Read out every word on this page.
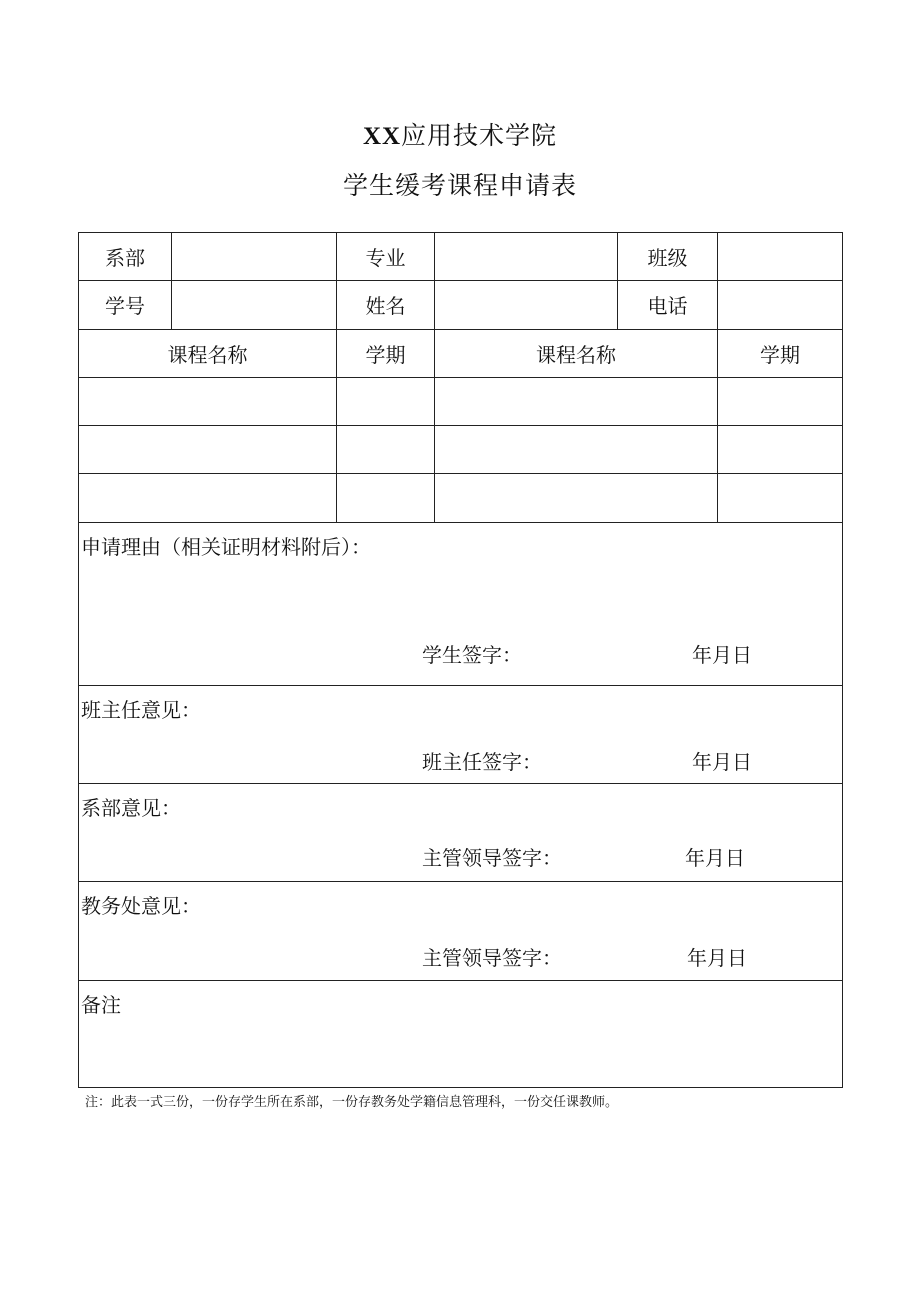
XX应用技术学院
学生缓考课程申请表
系部		专业		班级	
学号		姓名		电话	
课程名称		学期	课程名称		学期

申请理由（相关证明材料附后）：
学生签字： 年月日					

班主任意见：
班主任签字： 年月日					

系部意见：
主管领导签字： 年月日					

教务处意见：
主管领导签字： 年月日					

备注					
注：此表一式三份，一份存学生所在系部，一份存教务处学籍信息管理科，一份交任课教师。
